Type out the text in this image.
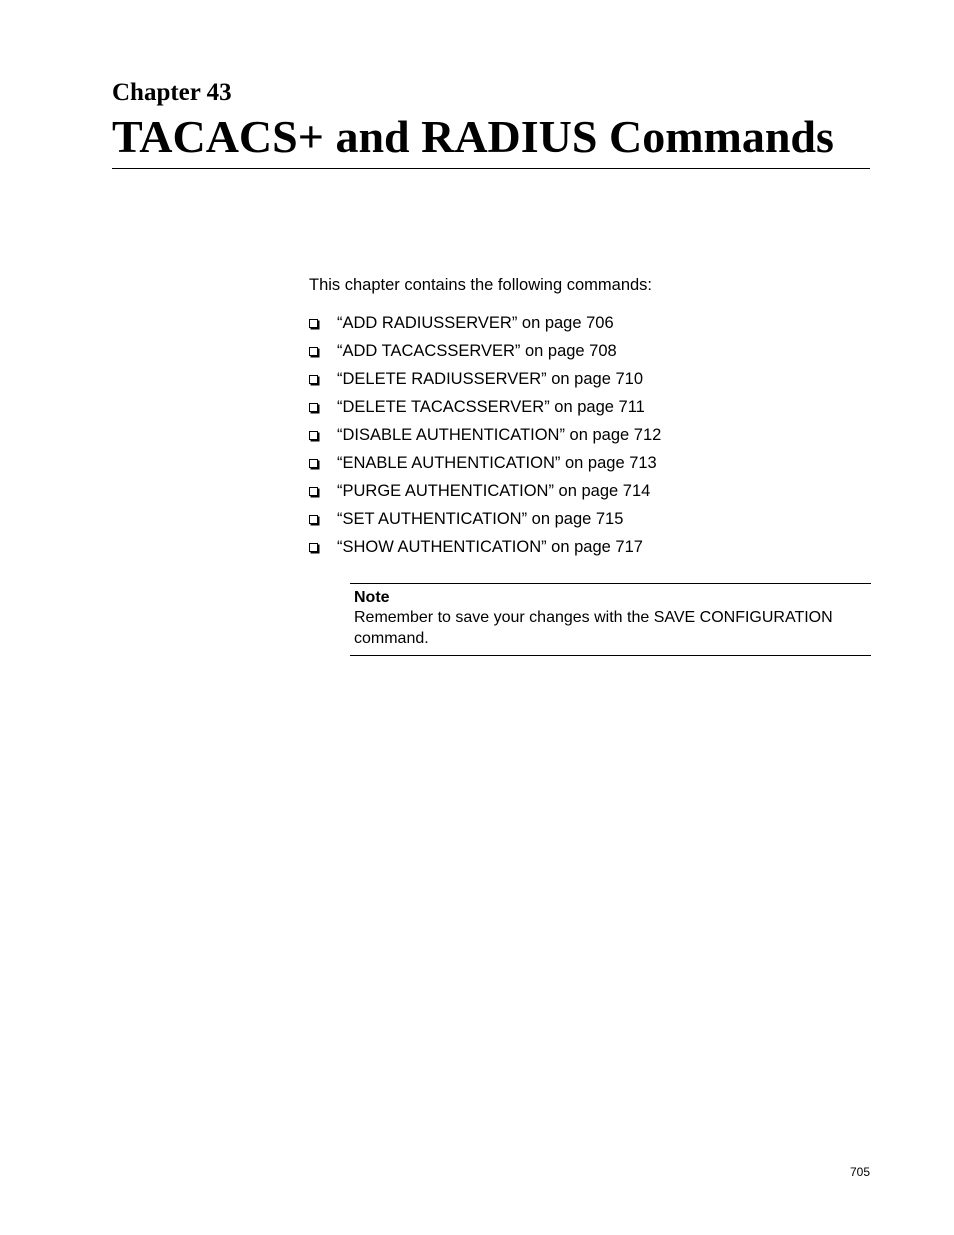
Chapter 43
TACACS+ and RADIUS Commands

This chapter contains the following commands:

“ADD RADIUSSERVER” on page 706
“ADD TACACSSERVER” on page 708
“DELETE RADIUSSERVER” on page 710
“DELETE TACACSSERVER” on page 711
“DISABLE AUTHENTICATION” on page 712
“ENABLE AUTHENTICATION” on page 713
“PURGE AUTHENTICATION” on page 714
“SET AUTHENTICATION” on page 715
“SHOW AUTHENTICATION” on page 717
Note
Remember to save your changes with the SAVE CONFIGURATION command.
705
